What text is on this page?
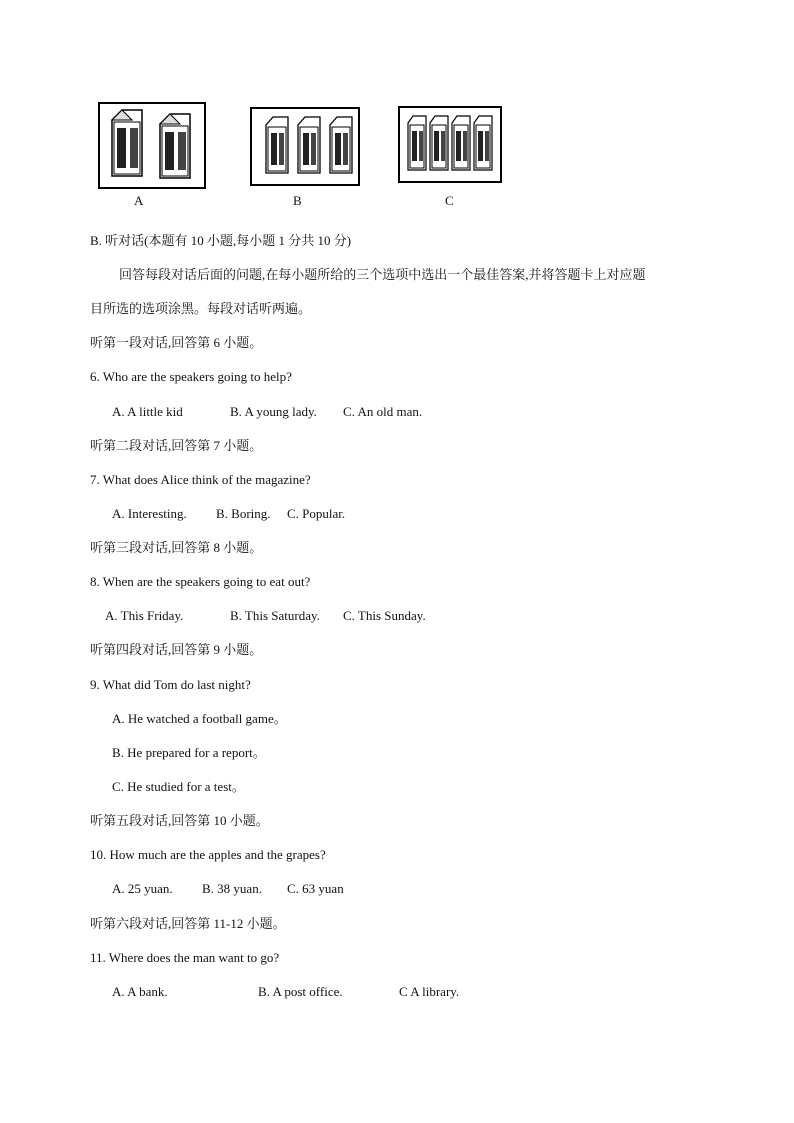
A	B	C
B. 听对话(本题有 10 小题,每小题 1 分共 10 分)
回答每段对话后面的问题,在每小题所给的三个选项中选出一个最佳答案,并将答题卡上对应题
目所选的选项涂黑。每段对话听两遍。
听第一段对话,回答第 6 小题。
6. Who are the speakers going to help?
A. A little kid	B. A young lady. C. An old man.
听第二段对话,回答第 7 小题。
7. What does Alice think of the magazine?
A. Interesting. B. Boring. C. Popular.
听第三段对话,回答第 8 小题。
8. When are the speakers going to eat out?
A. This Friday.	B. This Saturday. C. This Sunday.
听第四段对话,回答第 9 小题。
9. What did Tom do last night?
A. He watched a football game。
B. He prepared for a report。
C. He studied for a test。
听第五段对话,回答第 10 小题。
10. How much are the apples and the grapes?
A. 25 yuan. B. 38 yuan. C. 63 yuan
听第六段对话,回答第 11-12 小题。
11. Where does the man want to go?
A. A bank.	B. A post office.	C A library.
